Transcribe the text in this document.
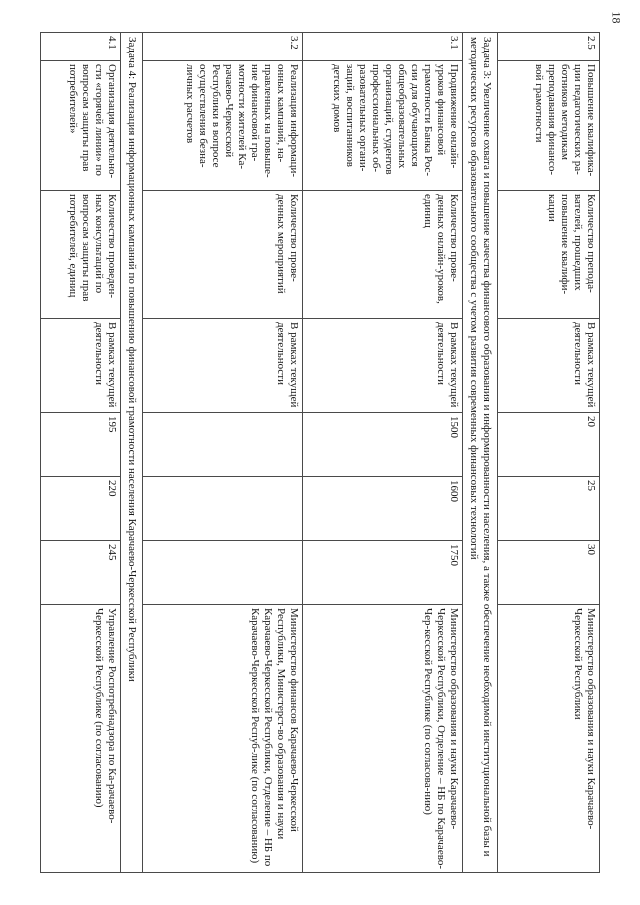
18
2.5	Повышение квалифика-ции педагогических ра-ботников методикам преподавания финансо-вой грамотности	Количество препода-вателей, прошедших повышение квалифи-кации	В рамках текущей деятельности	20	25	30	Министерство образования и науки Карачаево-Черкесской Республики
Задача 3: Увеличение охвата и повышение качества финансового образования и информированности населения, а также обеспечение необходимой институциональной базы и методических ресурсов образовательного сообщества с учетом развития современных финансовых технологий							
3.1	Продвижение онлайн-уроков финансовой грамотности Банка Рос-сии для обучающихся общеобразовательных организаций, студентов профессиональных об-разовательных органи-заций, воспитанников детских домов	Количество прове-денных онлайн-уроков, единиц	В рамках текущей деятельности	1500	1600	1750	Министерство образования и науки Карачаево-Черкесской Республики, Отделение – НБ по Карачаево-Чер-кесской Республике (по согласова-нию)
3.2	Реализация информаци-онных кампаний, на-правленных на повыше-ние финансовой гра-мотности жителей Ка-рачаево-Черкесской Республики в вопросе осуществления безна-личных расчетов	Количество прове-денных мероприятий	В рамках текущей деятельности				Министерство финансов Карачаево-Черкесской Республики, Министерст-во образования и науки Карачаево-Черкесской Республики, Отделение – НБ по Карачаево-Черкесской Респуб-лике (по согласованию)
Задача 4: Реализация информационных кампаний по повышению финансовой грамотности населения Карачаево-Черкесской Республики							
4.1	Организация деятельно-сти «горячей линии» по вопросам защиты прав потребителей»	Количество проведен-ных консультаций по вопросам защиты прав потребителей, единиц	В рамках текущей деятельности	195	220	245	Управление Роспотребнадзора по Ка-рачаево-Черкесской Республике (по согласованию)
